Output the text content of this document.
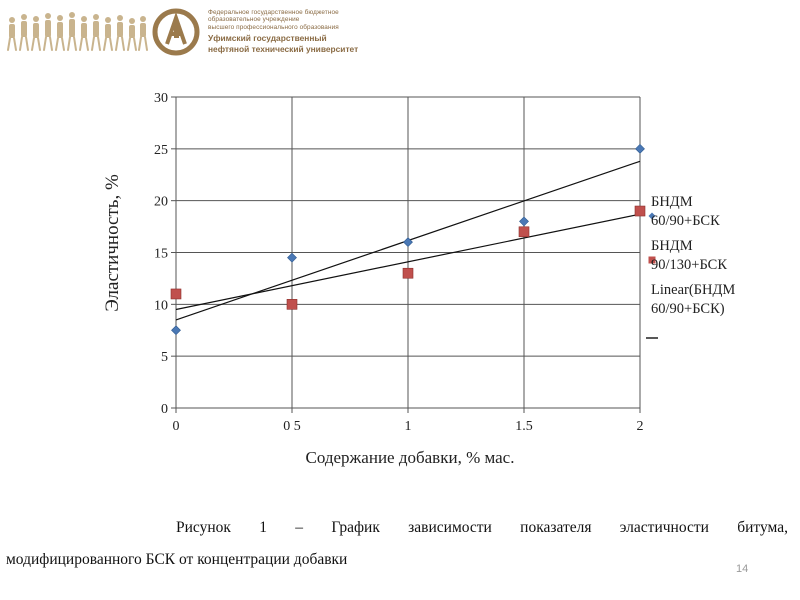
Федеральное государственное бюджетное
образовательное учреждение
высшего профессионального образования
Уфимский государственный
нефтяной технический университет
0
5
10
15
20
25
30
0	0 5	1	1.5	2
Содержание добавки, % мас.
Эластичность, %	БНДМ
60/90+БСК
БНДМ
90/130+БСК
Linear(БНДМ
60/90+БСК)
Рисунок 1 – График зависимости показателя эластичности битума,
модифицированного БСК от концентрации добавки
14
